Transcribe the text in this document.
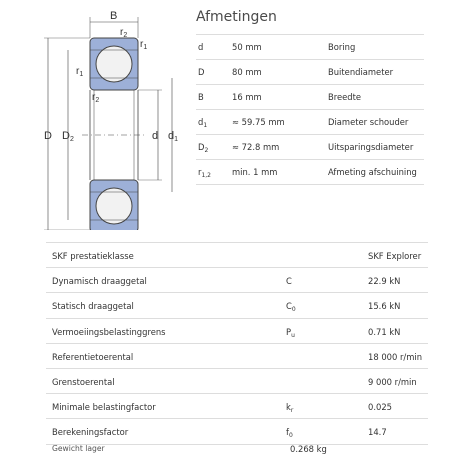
B
$r_2$
$r_1$
$r_1$
$r_2$
D D2	d d1
Afmetingen
d	50 mm	Boring
D	80 mm	Buitendiameter
B	16 mm	Breedte
$d_1$	≈ 59.75 mm	Diameter schouder
$D_2$	≈ 72.8 mm	Uitsparingsdiameter
$r_{1,2}$	min. 1 mm	Afmeting afschuining
SKF prestatieklasse	SKF Explorer
Dynamisch draaggetal	C	22.9 kN
Statisch draaggetal	$C_0$	15.6 kN
Vermoeiingsbelastinggrens	$P_u$	0.71 kN
Referentietoerental	18 000 r/min
Grenstoerental	9 000 r/min
Minimale belastingfactor	$k_r$	0.025
Berekeningsfactor	$f_0$	14.7
Gewicht lager	0.268 kg
